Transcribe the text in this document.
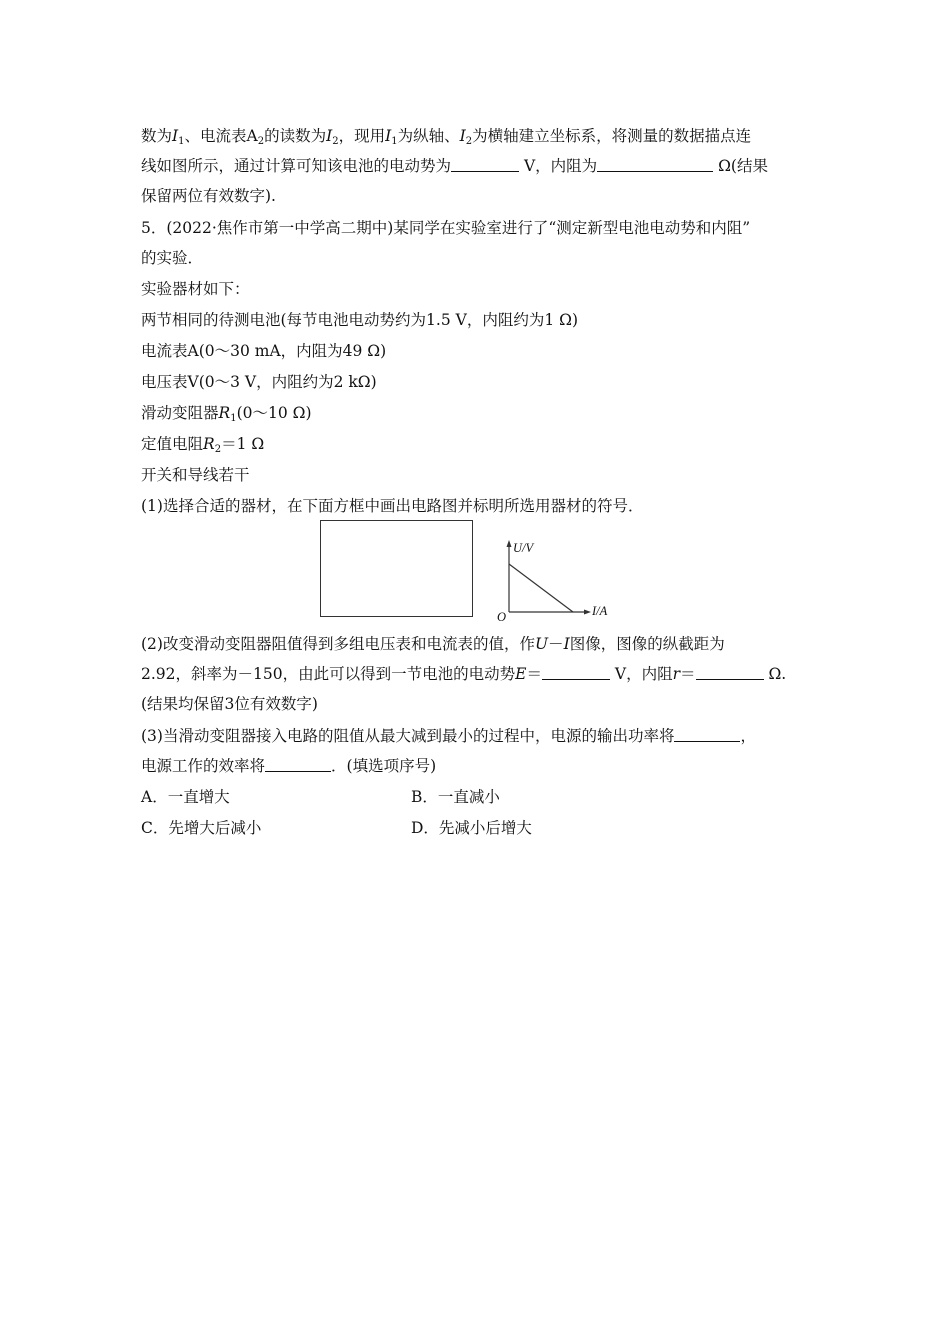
数为$I_1$、电流表$A_2$的读数为$I_2$，现用$I_1$为纵轴、$I_2$为横轴建立坐标系，将测量的数据描点连
线如图所示，通过计算可知该电池的电动势为	V，内阻为	Ω(结果
保留两位有效数字).
5．(2022·焦作市第一中学高二期中)某同学在实验室进行了“测定新型电池电动势和内阻”
的实验．
实验器材如下：
两节相同的待测电池(每节电池电动势约为1.5 V，内阻约为1 Ω)
电流表A(0～30 mA，内阻为49 Ω)
电压表V(0～3 V，内阻约为2 kΩ)
滑动变阻器$R_1(0\sim 10$ Ω)
定值电阻$R_2=1$ Ω
开关和导线若干
(1)选择合适的器材，在下面方框中画出电路图并标明所选用器材的符号．
U/V
I/A
O
(2)改变滑动变阻器阻值得到多组电压表和电流表的值，作U－I图像，图像的纵截距为
2.92，斜率为－150，由此可以得到一节电池的电动势E＝	V，内阻r＝	Ω.
(结果均保留3位有效数字)
(3)当滑动变阻器接入电路的阻值从最大减到最小的过程中，电源的输出功率将	，
电源工作的效率将	．(填选项序号)
A．一直增大	B．一直减小
C．先增大后减小	D．先减小后增大
